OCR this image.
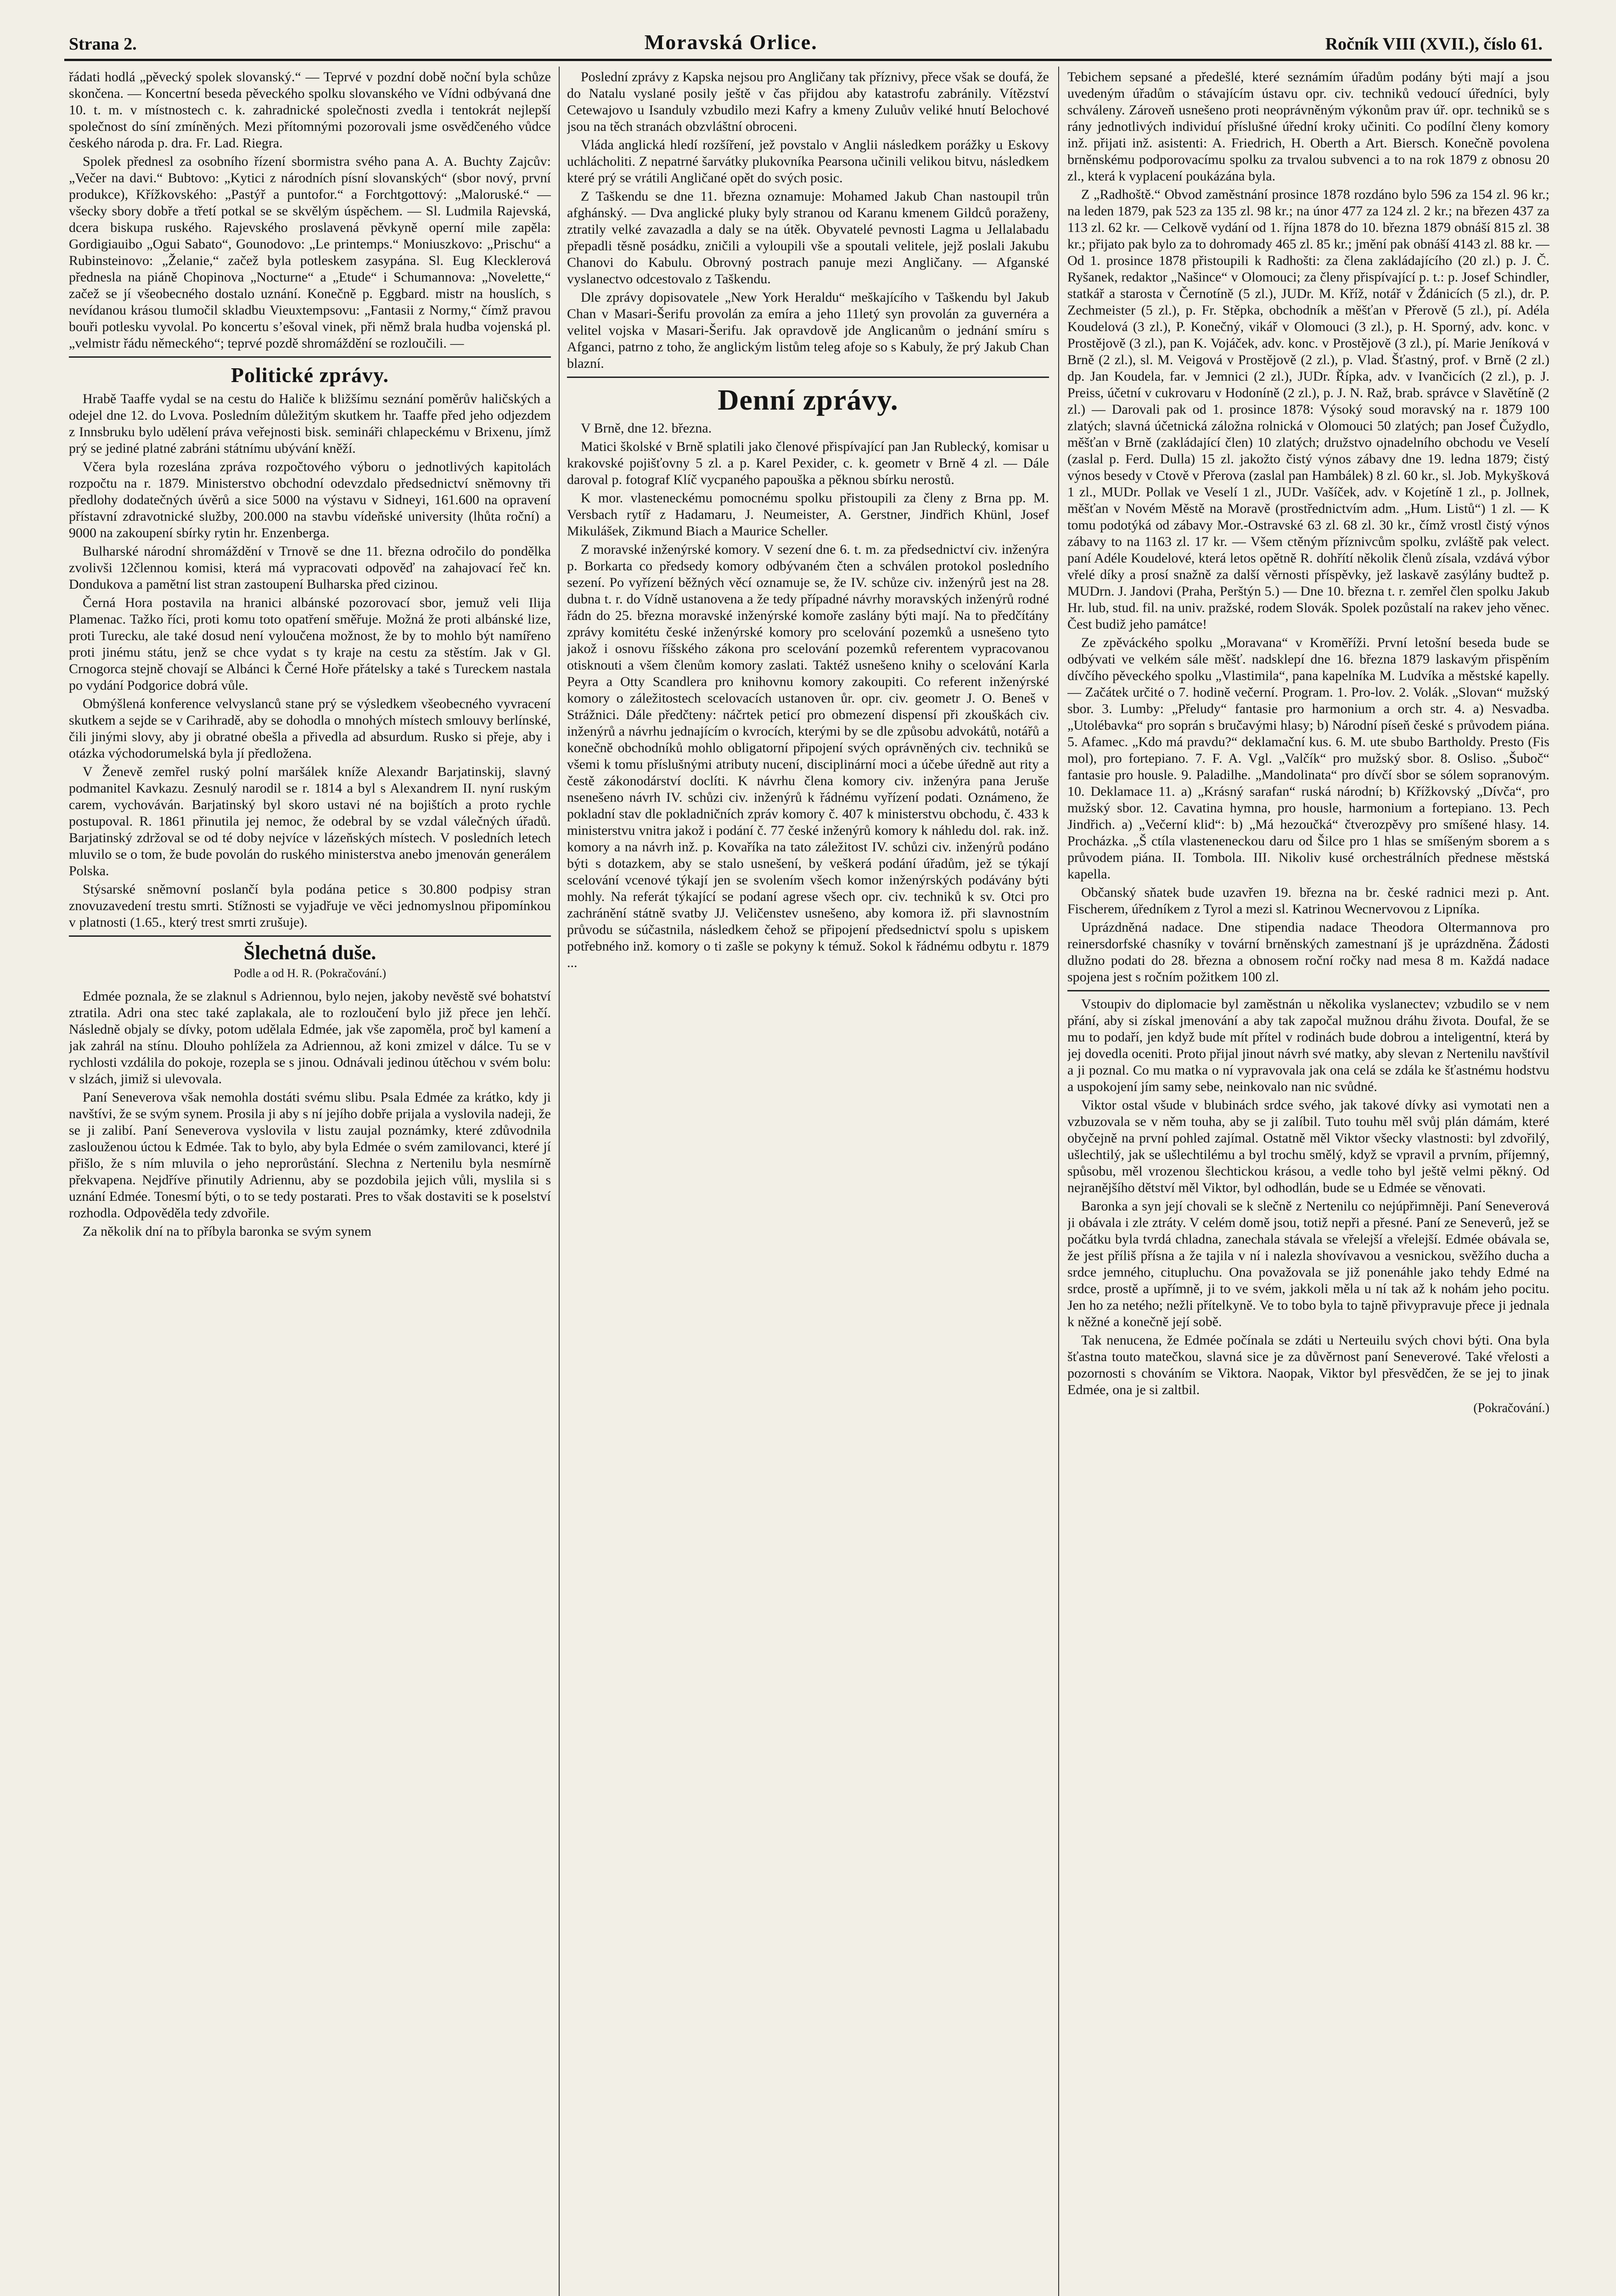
Strana 2.	Moravská Orlice.	Ročník VIII (XVII.), číslo 61.

řádati hodlá „pěvecký spolek slovanský.“ — Teprvé v pozdní době noční byla schůze skončena. — Koncertní beseda pěveckého spolku slovanského ve Vídni odbývaná dne 10. t. m. v místnostech c. k. zahradnické společnosti zvedla i tentokrát nejlepší společnost do síní zmíněných. Mezi přítomnými pozorovali jsme osvědčeného vůdce českého národa p. dra. Fr. Lad. Riegra.

Spolek přednesl za osobního řízení sbormistra svého pana A. A. Buchty Zajcův: „Večer na davi.“ Bubtovo: „Kytici z národních písní slovanských“ (sbor nový, první produkce), Křížkovského: „Pastýř a puntofor.“ a Forchtgottový: „Maloruské.“ — všecky sbory dobře a třetí potkal se se skvělým úspěchem. — Sl. Ludmila Rajevská, dcera biskupa ruského. Rajevského proslavená pěvkyně operní mile zapěla: Gordigiauibo „Ogui Sabato“, Gounodovo: „Le printemps.“ Moniuszkovo: „Prischu“ a Rubinsteinovo: „Želanie,“ začež byla potleskem zasypána. Sl. Eug Klecklerová přednesla na piáně Chopinova „Nocturne“ a „Etude“ i Schumannova: „Novelette,“ začež se jí všeobecného dostalo uznání. Konečně p. Eggbard. mistr na houslích, s nevídanou krásou tlumočil skladbu Vieuxtempsovu: „Fantasii z Normy,“ čímž pravou bouři potlesku vyvolal. Po koncertu s’ešoval vinek, při němž brala hudba vojenská pl. „velmistr řádu německého“; teprvé pozdě shromáždění se rozloučili. —

Politické zprávy.

Hrabě Taaffe vydal se na cestu do Haliče k bližšímu seznání poměrův haličských a odejel dne 12. do Lvova. Posledním důležitým skutkem hr. Taaffe před jeho odjezdem z Innsbruku bylo udělení práva veřejnosti bisk. semináři chlapeckému v Brixenu, jímž prý se jediné platné zabráni státnímu ubývání kněží.

Včera byla rozeslána zpráva rozpočtového výboru o jednotlivých kapitolách rozpočtu na r. 1879. Ministerstvo obchodní odevzdalo předsednictví sněmovny tři předlohy dodatečných úvěrů a sice 5000 na výstavu v Sidneyi, 161.600 na opravení přístavní zdravotnické služby, 200.000 na stavbu vídeňské university (lhůta roční) a 9000 na zakoupení sbírky rytin hr. Enzenberga.

Bulharské národní shromáždění v Trnově se dne 11. března odročilo do pondělka zvolivši 12člennou komisi, která má vypracovati odpověď na zahajovací řeč kn. Dondukova a pamětní list stran zastoupení Bulharska před cizinou.

Černá Hora postavila na hranici albánské pozorovací sbor, jemuž veli Ilija Plamenac. Tažko říci, proti komu toto opatření směřuje. Možná že proti albánské lize, proti Turecku, ale také dosud není vyloučena možnost, že by to mohlo být namířeno proti jinému státu, jenž se chce vydat s ty kraje na cestu za stěstím. Jak v Gl. Crnogorca stejně chovají se Albánci k Černé Hoře přátelsky a také s Tureckem nastala po vydání Podgorice dobrá vůle.

Obmýšlená konference velvyslanců stane prý se výsledkem všeobecného vyvracení skutkem a sejde se v Carihradě, aby se dohodla o mnohých místech smlouvy berlínské, čili jinými slovy, aby ji obratné obešla a přivedla ad absurdum. Rusko si přeje, aby i otázka východorumelská byla jí předložena.

V Ženevě zemřel ruský polní maršálek kníže Alexandr Barjatinskij, slavný podmanitel Kavkazu. Zesnulý narodil se r. 1814 a byl s Alexandrem II. nyní ruským carem, vychováván. Barjatinský byl skoro ustavi né na bojištích a proto rychle postupoval. R. 1861 přinutila jej nemoc, že odebral by se vzdal válečných úřadů. Barjatinský zdržoval se od té doby nejvíce v lázeňských místech. V posledních letech mluvilo se o tom, že bude povolán do ruského ministerstva anebo jmenován generálem Polska.

Stýsarské sněmovní poslančí byla podána petice s 30.800 podpisy stran znovuzavedení trestu smrti. Stížnosti se vyjadřuje ve věci jednomyslnou připomínkou v platnosti (1.65., který trest smrti zrušuje).

Šlechetná duše.
Podle a od H. R. (Pokračování.)

Edmée poznala, že se zlaknul s Adriennou, bylo nejen, jakoby nevěstě své bohatství ztratila. Adri ona stec také zaplakala, ale to rozloučení bylo již přece jen lehčí. Následně objaly se dívky, potom udělala Edmée, jak vše zapoměla, proč byl kamení a jak zahrál na stínu. Dlouho pohlížela za Adriennou, až koni zmizel v dálce. Tu se v rychlosti vzdálila do pokoje, rozepla se s jinou. Odnávali jedinou útěchou v svém bolu: v slzách, jimiž si ulevovala.

Paní Seneverova však nemohla dostáti svému slibu. Psala Edmée za krátko, kdy ji navštívi, že se svým synem. Prosila ji aby s ní jejího dobře prijala a vyslovila nadeji, že se ji zalibí. Paní Seneverova vyslovila v listu zaujal poznámky, které zdůvodnila zaslouženou úctou k Edmée. Tak to bylo, aby byla Edmée o svém zamilovanci, které jí přišlo, že s ním mluvila o jeho neprorůstání. Slechna z Nertenilu byla nesmírně překvapena. Nejdříve přinutily Adriennu, aby se pozdobila jejich vůli, myslila si s uznání Edmée. Tonesmí býti, o to se tedy postarati. Pres to však dostaviti se k poselství rozhodla. Odpověděla tedy zdvořile.

Za několik dní na to příbyla baronka se svým synem

Poslední zprávy z Kapska nejsou pro Angličany tak příznivy, přece však se doufá, že do Natalu vyslané posily ještě v čas přijdou aby katastrofu zabránily. Vítězství Cetewajovo u Isanduly vzbudilo mezi Kafry a kmeny Zuluův veliké hnutí Belochové jsou na těch stranách obzvláštní obroceni.

Vláda anglická hledí rozšíření, jež povstalo v Anglii následkem porážky u Eskovy uchlácholiti. Z nepatrné šarvátky plukovníka Pearsona učinili velikou bitvu, následkem které prý se vrátili Angličané opět do svých posic.

Z Taškendu se dne 11. března oznamuje: Mohamed Jakub Chan nastoupil trůn afghánský. — Dva anglické pluky byly stranou od Karanu kmenem Gildců poraženy, ztratily velké zavazadla a daly se na útěk. Obyvatelé pevnosti Lagma u Jellalabadu přepadli těsně posádku, zničili a vyloupili vše a spoutali velitele, jejž poslali Jakubu Chanovi do Kabulu. Obrovný postrach panuje mezi Angličany. — Afganské vyslanectvo odcestovalo z Taškendu.

Dle zprávy dopisovatele „New York Heraldu“ meškajícího v Taškendu byl Jakub Chan v Masari-Šerifu provolán za emíra a jeho 11letý syn provolán za guvernéra a velitel vojska v Masari-Šerifu. Jak opravdově jde Anglicanům o jednání smíru s Afganci, patrno z toho, že anglickým listům teleg afoje so s Kabuly, že prý Jakub Chan blazní.

Denní zprávy.

V Brně, dne 12. března.

Matici školské v Brně splatili jako členové přispívající pan Jan Rublecký, komisar u krakovské pojišťovny 5 zl. a p. Karel Pexider, c. k. geometr v Brně 4 zl. — Dále daroval p. fotograf Klíč vycpaného papouška a pěknou sbírku nerostů.

K mor. vlasteneckému pomocnému spolku přistoupili za členy z Brna pp. M. Versbach rytíř z Hadamaru, J. Neumeister, A. Gerstner, Jindřich Khünl, Josef Mikulášek, Zikmund Biach a Maurice Scheller.

Z moravské inženýrské komory. V sezení dne 6. t. m. za předsednictví civ. inženýra p. Borkarta co předsedy komory odbývaném čten a schválen protokol posledního sezení. Po vyřízení běžných věcí oznamuje se, že IV. schůze civ. inženýrů jest na 28. dubna t. r. do Vídně ustanovena a že tedy případné návrhy moravských inženýrů rodné řádn do 25. března moravské inženýrské komoře zaslány býti mají. Na to předčítány zprávy komitétu české inženýrské komory pro scelování pozemků a usnešeno tyto jakož i osnovu říšského zákona pro scelování pozemků referentem vypracovanou otisknouti a všem členům komory zaslati. Taktéž usnešeno knihy o scelování Karla Peyra a Otty Scandlera pro knihovnu komory zakoupiti. Co referent inženýrské komory o záležitostech scelovacích ustanoven ůr. opr. civ. geometr J. O. Beneš v Strážnici. Dále předčteny: náčrtek peticí pro obmezení dispensí při zkouškách civ. inženýrů a návrhu jednajícím o kvrocích, kterými by se dle způsobu advokátů, notářů a konečně obchodníků mohlo obligatorní připojení svých oprávněných civ. techniků se všemi k tomu příslušnými atributy nucení, disciplinární moci a účebe úředně aut rity a čestě zákonodárství doclíti. K návrhu člena komory civ. inženýra pana Jeruše nsenešeno návrh IV. schůzi civ. inženýrů k řádnému vyřízení podati. Oznámeno, že pokladní stav dle pokladničních zpráv komory č. 407 k ministerstvu obchodu, č. 433 k ministerstvu vnitra jakož i podání č. 77 české inženýrů komory k náhledu dol. rak. inž. komory a na návrh inž. p. Kovaříka na tato záležitost IV. schůzi civ. inženýrů podáno býti s dotazkem, aby se stalo usnešení, by veškerá podání úřadům, jež se týkají scelování vcenové týkají jen se svolením všech komor inženýrských podávány býti mohly. Na referát týkající se podaní agrese všech opr. civ. techniků k sv. Otci pro zachránění státně svatby JJ. Veličenstev usnešeno, aby komora iž. při slavnostním průvodu se súčastnila, následkem čehož se připojení předsednictví spolu s upiskem potřebného inž. komory o ti zašle se pokyny k témuž. Sokol k řádnému odbytu r. 1879 ...

Tebichem sepsané a předešlé, které seznámím úřadům podány býti mají a jsou uvedeným úřadům o stávajícím ústavu opr. civ. techniků vedoucí úředníci, byly schváleny. Zároveň usnešeno proti neoprávněným výkonům prav úř. opr. techniků se s rány jednotlivých individuí příslušné úřední kroky učiniti. Co podílní členy komory inž. přijati inž. asistenti: A. Friedrich, H. Oberth a Art. Biersch. Konečně povolena brněnskému podporovacímu spolku za trvalou subvenci a to na rok 1879 z obnosu 20 zl., která k vyplacení poukázána byla.

Z „Radhoště.“ Obvod zaměstnání prosince 1878 rozdáno bylo 596 za 154 zl. 96 kr.; na leden 1879, pak 523 za 135 zl. 98 kr.; na únor 477 za 124 zl. 2 kr.; na březen 437 za 113 zl. 62 kr. — Celkově vydání od 1. října 1878 do 10. března 1879 obnáší 815 zl. 38 kr.; přijato pak bylo za to dohromady 465 zl. 85 kr.; jmění pak obnáší 4143 zl. 88 kr. — Od 1. prosince 1878 přistoupili k Radhošti: za člena zakládajícího (20 zl.) p. J. Č. Ryšanek, redaktor „Našince“ v Olomouci; za členy přispívající p. t.: p. Josef Schindler, statkář a starosta v Černotíně (5 zl.), JUDr. M. Kříž, notář v Ždánicích (5 zl.), dr. P. Zechmeister (5 zl.), p. Fr. Stěpka, obchodník a měšťan v Přerově (5 zl.), pí. Adéla Koudelová (3 zl.), P. Konečný, vikář v Olomouci (3 zl.), p. H. Sporný, adv. konc. v Prostějově (3 zl.), pan K. Vojáček, adv. konc. v Prostějově (3 zl.), pí. Marie Jeníková v Brně (2 zl.), sl. M. Veigová v Prostějově (2 zl.), p. Vlad. Šťastný, prof. v Brně (2 zl.) dp. Jan Koudela, far. v Jemnici (2 zl.), JUDr. Řípka, adv. v Ivančicích (2 zl.), p. J. Preiss, účetní v cukrovaru v Hodoníně (2 zl.), p. J. N. Raž, brab. správce v Slavětíně (2 zl.) — Darovali pak od 1. prosince 1878: Výsoký soud moravský na r. 1879 100 zlatých; slavná účetnická záložna rolnická v Olomouci 50 zlatých; pan Josef Čužydlo, měšťan v Brně (zakládající člen) 10 zlatých; družstvo ojnadelního obchodu ve Veselí (zaslal p. Ferd. Dulla) 15 zl. jakožto čistý výnos zábavy dne 19. ledna 1879; čistý výnos besedy v Ctově v Přerova (zaslal pan Hambálek) 8 zl. 60 kr., sl. Job. Mykyšková 1 zl., MUDr. Pollak ve Veselí 1 zl., JUDr. Vašíček, adv. v Kojetíně 1 zl., p. Jollnek, měšťan v Novém Městě na Moravě (prostřednictvím adm. „Hum. Listů“) 1 zl. — K tomu podotýká od zábavy Mor.-Ostravské 63 zl. 68 zl. 30 kr., čímž vrostl čistý výnos zábavy to na 1163 zl. 17 kr. — Všem ctěným příznivcům spolku, zvláště pak velect. paní Adéle Koudelové, která letos opětně R. dohřítí několik členů zísala, vzdává výbor vřelé díky a prosí snažně za další věrnosti příspěvky, jež laskavě zasýlány budtež p. MUDrn. J. Jandovi (Praha, Perštýn 5.) — Dne 10. března t. r. zemřel člen spolku Jakub Hr. lub, stud. fil. na univ. pražské, rodem Slovák. Spolek pozůstalí na rakev jeho věnec. Čest budiž jeho památce!

Ze zpěváckého spolku „Moravana“ v Kroměříži. První letošní beseda bude se odbývati ve velkém sále měšť. nadsklepí dne 16. března 1879 laskavým přispěním dívčího pěveckého spolku „Vlastimila“, pana kapelníka M. Ludvíka a městské kapelly. — Začátek určité o 7. hodině večerní. Program. 1. Pro-lov. 2. Volák. „Slovan“ mužský sbor. 3. Lumby: „Přeludy“ fantasie pro harmonium a orch str. 4. a) Nesvadba. „Utolébavka“ pro soprán s bručavými hlasy; b) Národní píseň české s průvodem piána. 5. Afamec. „Kdo má pravdu?“ deklamační kus. 6. M. ute sbubo Bartholdy. Presto (Fis mol), pro fortepiano. 7. F. A. Vgl. „Valčík“ pro mužský sbor. 8. Osliso. „Šuboč“ fantasie pro housle. 9. Paladilhe. „Mandolinata“ pro dívčí sbor se sólem sopranovým. 10. Deklamace 11. a) „Krásný sarafan“ ruská národní; b) Křížkovský „Dívča“, pro mužský sbor. 12. Cavatina hymna, pro housle, harmonium a fortepiano. 13. Pech Jindřich. a) „Večerní klid“: b) „Má hezoučká“ čtverozpěvy pro smíšené hlasy. 14. Procházka. „Š ctíla vlasteneneckou daru od Šilce pro 1 hlas se smíšeným sborem a s průvodem piána. II. Tombola. III. Nikoliv kusé orchestrálních přednese městská kapella.

Občanský sňatek bude uzavřen 19. března na br. české radnici mezi p. Ant. Fischerem, úředníkem z Tyrol a mezi sl. Katrinou Wecnervovou z Lipníka.

Uprázdněná nadace. Dne stipendia nadace Theodora Oltermannova pro reinersdorfské chasníky v tovární brněnských zamestnaní jš je uprázdněna. Žádosti dlužno podati do 28. března a obnosem roční ročky nad mesa 8 m. Každá nadace spojena jest s ročním požitkem 100 zl.

Vstoupiv do diplomacie byl zaměstnán u několika vyslanectev; vzbudilo se v nem přání, aby si získal jmenování a aby tak započal mužnou dráhu života. Doufal, že se mu to podaří, jen když bude mít přítel v rodinách bude dobrou a inteligentní, která by jej dovedla oceniti. Proto přijal jinout návrh své matky, aby slevan z Nertenilu navštívil a ji poznal. Co mu matka o ní vypravovala jak ona celá se zdála ke šťastnému hodstvu a uspokojení jím samy sebe, neinkovalo nan nic svůdné.

Viktor ostal všude v blubinách srdce svého, jak takové dívky asi vymotati nen a vzbuzovala se v něm touha, aby se ji zalíbil. Tuto touhu měl svůj plán dámám, které obyčejně na první pohled zajímal. Ostatně měl Viktor všecky vlastnosti: byl zdvořilý, ušlechtilý, jak se ušlechtilému a byl trochu smělý, když se vpravil a prvním, příjemný, spůsobu, měl vrozenou šlechtickou krásou, a vedle toho byl ještě velmi pěkný. Od nejranějšího dětství měl Viktor, byl odhodlán, bude se u Edmée se věnovati.

Baronka a syn její chovali se k slečně z Nertenilu co nejúpřimněji. Paní Seneverová ji obávala i zle ztráty. V celém domě jsou, totiž nepři a přesné. Paní ze Seneverů, jež se počátku byla tvrdá chladna, zanechala stávala se vřelejší a vřelejší. Edmée obávala se, že jest příliš přísna a že tajila v ní i nalezla shovívavou a vesnickou, svěžího ducha a srdce jemného, citupluchu. Ona považovala se již ponenáhle jako tehdy Edmé na srdce, prostě a upřímně, ji to ve svém, jakkoli měla u ní tak až k nohám jeho pocitu. Jen ho za netého; nežli přítelkyně. Ve to tobo byla to tajně přivypravuje přece ji jednala k něžné a konečně její sobě.

Tak nenucena, že Edmée počínala se zdáti u Nerteuilu svých chovi býti. Ona byla šťastna touto matečkou, slavná sice je za důvěrnost paní Seneverové. Také vřelosti a pozornosti s chováním se Viktora. Naopak, Viktor byl přesvědčen, že se jej to jinak Edmée, ona je si zaltbil.

(Pokračování.)
